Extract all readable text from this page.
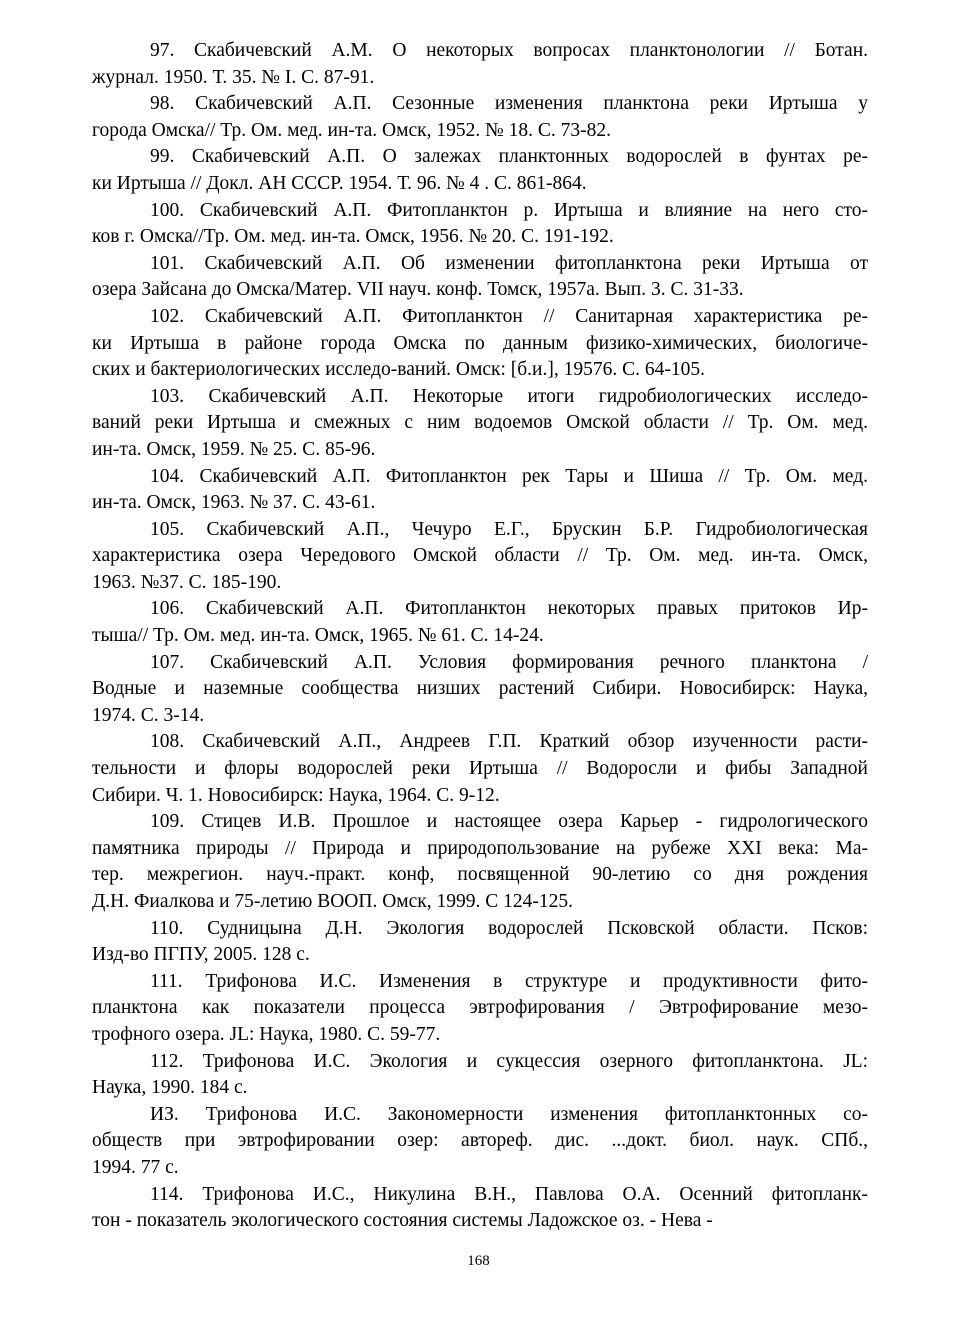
97. Скабичевский А.М. О некоторых вопросах планктонологии // Ботан.
журнал. 1950. Т. 35. № I. С. 87-91.
98. Скабичевский А.П. Сезонные изменения планктона реки Иртыша у
города Омска// Тр. Ом. мед. ин-та. Омск, 1952. № 18. С. 73-82.
99. Скабичевский А.П. О залежах планктонных водорослей в фунтах ре-
ки Иртыша // Докл. АН СССР. 1954. Т. 96. № 4 . С. 861-864.
100. Скабичевский А.П. Фитопланктон р. Иртыша и влияние на него сто-
ков г. Омска//Тр. Ом. мед. ин-та. Омск, 1956. № 20. С. 191-192.
101. Скабичевский А.П. Об изменении фитопланктона реки Иртыша от
озера Зайсана до Омска/Матер. VII науч. конф. Томск, 1957а. Вып. 3. С. 31-33.
102. Скабичевский А.П. Фитопланктон // Санитарная характеристика ре-
ки Иртыша в районе города Омска по данным физико-химических, биологиче-
ских и бактериологических исследо-ваний. Омск: [б.и.], 19576. С. 64-105.
103. Скабичевский А.П. Некоторые итоги гидробиологических исследо-
ваний реки Иртыша и смежных с ним водоемов Омской области // Тр. Ом. мед.
ин-та. Омск, 1959. № 25. С. 85-96.
104. Скабичевский А.П. Фитопланктон рек Тары и Шиша // Тр. Ом. мед.
ин-та. Омск, 1963. № 37. С. 43-61.
105. Скабичевский А.П., Чечуро Е.Г., Брускин Б.Р. Гидробиологическая
характеристика озера Чередового Омской области // Тр. Ом. мед. ин-та. Омск,
1963. №37. С. 185-190.
106. Скабичевский А.П. Фитопланктон некоторых правых притоков Ир-
тыша// Тр. Ом. мед. ин-та. Омск, 1965. № 61. С. 14-24.
107. Скабичевский А.П. Условия формирования речного планктона /
Водные и наземные сообщества низших растений Сибири. Новосибирск: Наука,
1974. С. 3-14.
108. Скабичевский А.П., Андреев Г.П. Краткий обзор изученности расти-
тельности и флоры водорослей реки Иртыша // Водоросли и фибы Западной
Сибири. Ч. 1. Новосибирск: Наука, 1964. С. 9-12.
109. Стицев И.В. Прошлое и настоящее озера Карьер - гидрологического
памятника природы // Природа и природопользование на рубеже XXI века: Ма-
тер. межрегион. науч.-практ. конф, посвященной 90-летию со дня рождения
Д.Н. Фиалкова и 75-летию ВООП. Омск, 1999. С 124-125.
110. Судницына Д.Н. Экология водорослей Псковской области. Псков:
Изд-во ПГПУ, 2005. 128 с.
111. Трифонова И.С. Изменения в структуре и продуктивности фито-
планктона как показатели процесса эвтрофирования / Эвтрофирование мезо-
трофного озера. JL: Наука, 1980. С. 59-77.
112. Трифонова И.С. Экология и сукцессия озерного фитопланктона. JL:
Наука, 1990. 184 с.
ИЗ. Трифонова И.С. Закономерности изменения фитопланктонных со-
обществ при эвтрофировании озер: автореф. дис. ...докт. биол. наук. СПб.,
1994. 77 с.
114. Трифонова И.С., Никулина В.Н., Павлова О.А. Осенний фитопланк-
тон - показатель экологического состояния системы Ладожское оз. - Нева -
168
